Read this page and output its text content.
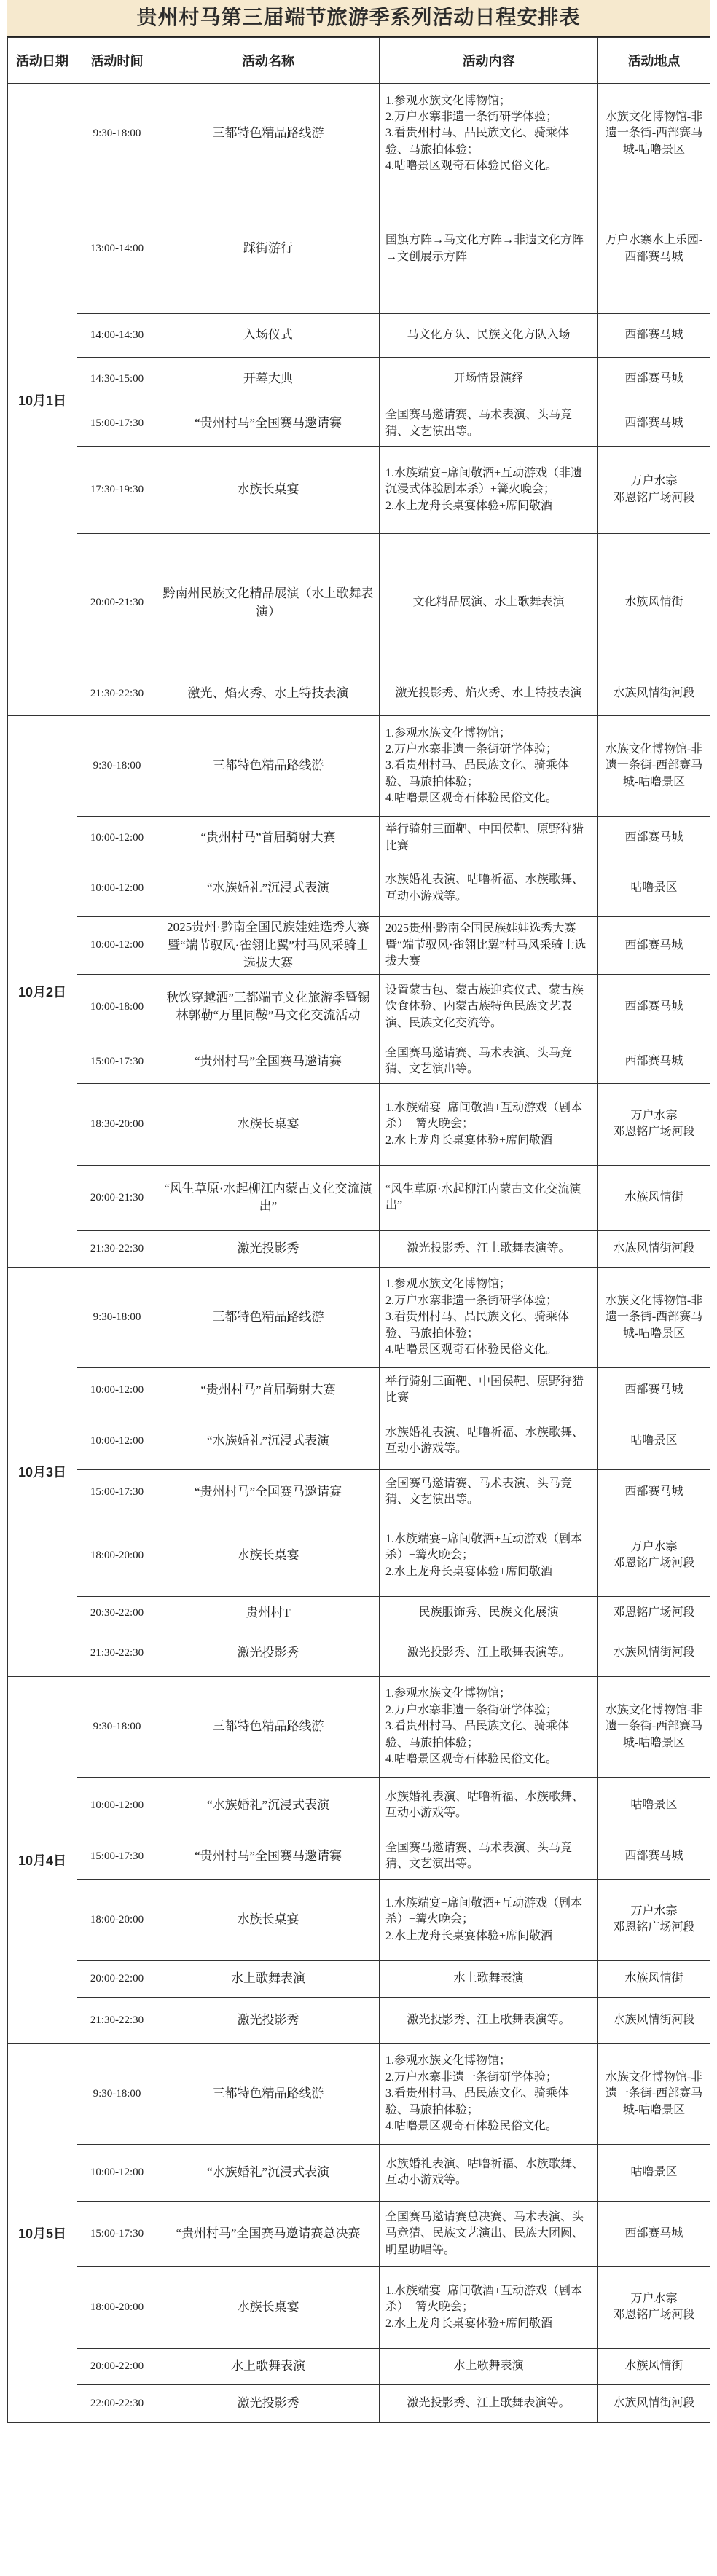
贵州村马第三届端节旅游季系列活动日程安排表
活动日期	活动时间	活动名称	活动内容	活动地点
10月1日	9:30-18:00	三都特色精品路线游	1.参观水族文化博物馆；
2.万户水寨非遗一条街研学体验；
3.看贵州村马、品民族文化、骑乘体验、马旅拍体验；
4.咕噜景区观奇石体验民俗文化。	水族文化博物馆-非遗一条街-西部赛马城-咕噜景区
	13:00-14:00	踩街游行	国旗方阵→马文化方阵→非遗文化方阵→文创展示方阵	万户水寨水上乐园-西部赛马城
	14:00-14:30	入场仪式	马文化方队、民族文化方队入场	西部赛马城
	14:30-15:00	开幕大典	开场情景演绎	西部赛马城
	15:00-17:30	“贵州村马”全国赛马邀请赛	全国赛马邀请赛、马术表演、头马竞猜、文艺演出等。	西部赛马城
	17:30-19:30	水族长桌宴	1.水族端宴+席间敬酒+互动游戏（非遗沉浸式体验剧本杀）+篝火晚会；
2.水上龙舟长桌宴体验+席间敬酒	万户水寨
邓恩铭广场河段
	20:00-21:30	黔南州民族文化精品展演（水上歌舞表演）	文化精品展演、水上歌舞表演	水族风情街
	21:30-22:30	激光、焰火秀、水上特技表演	激光投影秀、焰火秀、水上特技表演	水族风情街河段
10月2日	9:30-18:00	三都特色精品路线游	1.参观水族文化博物馆；
2.万户水寨非遗一条街研学体验；
3.看贵州村马、品民族文化、骑乘体验、马旅拍体验；
4.咕噜景区观奇石体验民俗文化。	水族文化博物馆-非遗一条街-西部赛马城-咕噜景区
	10:00-12:00	“贵州村马”首届骑射大赛	举行骑射三面靶、中国侯靶、原野狩猎比赛	西部赛马城
	10:00-12:00	“水族婚礼”沉浸式表演	水族婚礼表演、咕噜祈福、水族歌舞、互动小游戏等。	咕噜景区
	10:00-12:00	2025贵州·黔南全国民族娃娃选秀大赛暨“端节驭风·雀翎比翼”村马风采骑士选拔大赛	2025贵州·黔南全国民族娃娃选秀大赛暨“端节驭风·雀翎比翼”村马风采骑士选拔大赛	西部赛马城
	10:00-18:00	秋饮穿越洒”三都端节文化旅游季暨锡林郭勒“万里同鞍”马文化交流活动	设置蒙古包、蒙古族迎宾仪式、蒙古族饮食体验、内蒙古族特色民族文艺表演、民族文化交流等。	西部赛马城
	15:00-17:30	“贵州村马”全国赛马邀请赛	全国赛马邀请赛、马术表演、头马竞猜、文艺演出等。	西部赛马城
	18:30-20:00	水族长桌宴	1.水族端宴+席间敬酒+互动游戏（剧本杀）+篝火晚会；
2.水上龙舟长桌宴体验+席间敬酒	万户水寨
邓恩铭广场河段
	20:00-21:30	“风生草原·水起柳江内蒙古文化交流演出”	“风生草原·水起柳江内蒙古文化交流演出”	水族风情街
	21:30-22:30	激光投影秀	激光投影秀、江上歌舞表演等。	水族风情街河段
10月3日	9:30-18:00	三都特色精品路线游	1.参观水族文化博物馆；
2.万户水寨非遗一条街研学体验；
3.看贵州村马、品民族文化、骑乘体验、马旅拍体验；
4.咕噜景区观奇石体验民俗文化。	水族文化博物馆-非遗一条街-西部赛马城-咕噜景区
	10:00-12:00	“贵州村马”首届骑射大赛	举行骑射三面靶、中国侯靶、原野狩猎比赛	西部赛马城
	10:00-12:00	“水族婚礼”沉浸式表演	水族婚礼表演、咕噜祈福、水族歌舞、互动小游戏等。	咕噜景区
	15:00-17:30	“贵州村马”全国赛马邀请赛	全国赛马邀请赛、马术表演、头马竞猜、文艺演出等。	西部赛马城
	18:00-20:00	水族长桌宴	1.水族端宴+席间敬酒+互动游戏（剧本杀）+篝火晚会；
2.水上龙舟长桌宴体验+席间敬酒	万户水寨
邓恩铭广场河段
	20:30-22:00	贵州村T	民族服饰秀、民族文化展演	邓恩铭广场河段
	21:30-22:30	激光投影秀	激光投影秀、江上歌舞表演等。	水族风情街河段
10月4日	9:30-18:00	三都特色精品路线游	1.参观水族文化博物馆；
2.万户水寨非遗一条街研学体验；
3.看贵州村马、品民族文化、骑乘体验、马旅拍体验；
4.咕噜景区观奇石体验民俗文化。	水族文化博物馆-非遗一条街-西部赛马城-咕噜景区
	10:00-12:00	“水族婚礼”沉浸式表演	水族婚礼表演、咕噜祈福、水族歌舞、互动小游戏等。	咕噜景区
	15:00-17:30	“贵州村马”全国赛马邀请赛	全国赛马邀请赛、马术表演、头马竞猜、文艺演出等。	西部赛马城
	18:00-20:00	水族长桌宴	1.水族端宴+席间敬酒+互动游戏（剧本杀）+篝火晚会；
2.水上龙舟长桌宴体验+席间敬酒	万户水寨
邓恩铭广场河段
	20:00-22:00	水上歌舞表演	水上歌舞表演	水族风情街
	21:30-22:30	激光投影秀	激光投影秀、江上歌舞表演等。	水族风情街河段
10月5日	9:30-18:00	三都特色精品路线游	1.参观水族文化博物馆；
2.万户水寨非遗一条街研学体验；
3.看贵州村马、品民族文化、骑乘体验、马旅拍体验；
4.咕噜景区观奇石体验民俗文化。	水族文化博物馆-非遗一条街-西部赛马城-咕噜景区
	10:00-12:00	“水族婚礼”沉浸式表演	水族婚礼表演、咕噜祈福、水族歌舞、互动小游戏等。	咕噜景区
	15:00-17:30	“贵州村马”全国赛马邀请赛总决赛	全国赛马邀请赛总决赛、马术表演、头马竞猜、民族文艺演出、民族大团圆、明星助唱等。	西部赛马城
	18:00-20:00	水族长桌宴	1.水族端宴+席间敬酒+互动游戏（剧本杀）+篝火晚会；
2.水上龙舟长桌宴体验+席间敬酒	万户水寨
邓恩铭广场河段
	20:00-22:00	水上歌舞表演	水上歌舞表演	水族风情街
	22:00-22:30	激光投影秀	激光投影秀、江上歌舞表演等。	水族风情街河段
